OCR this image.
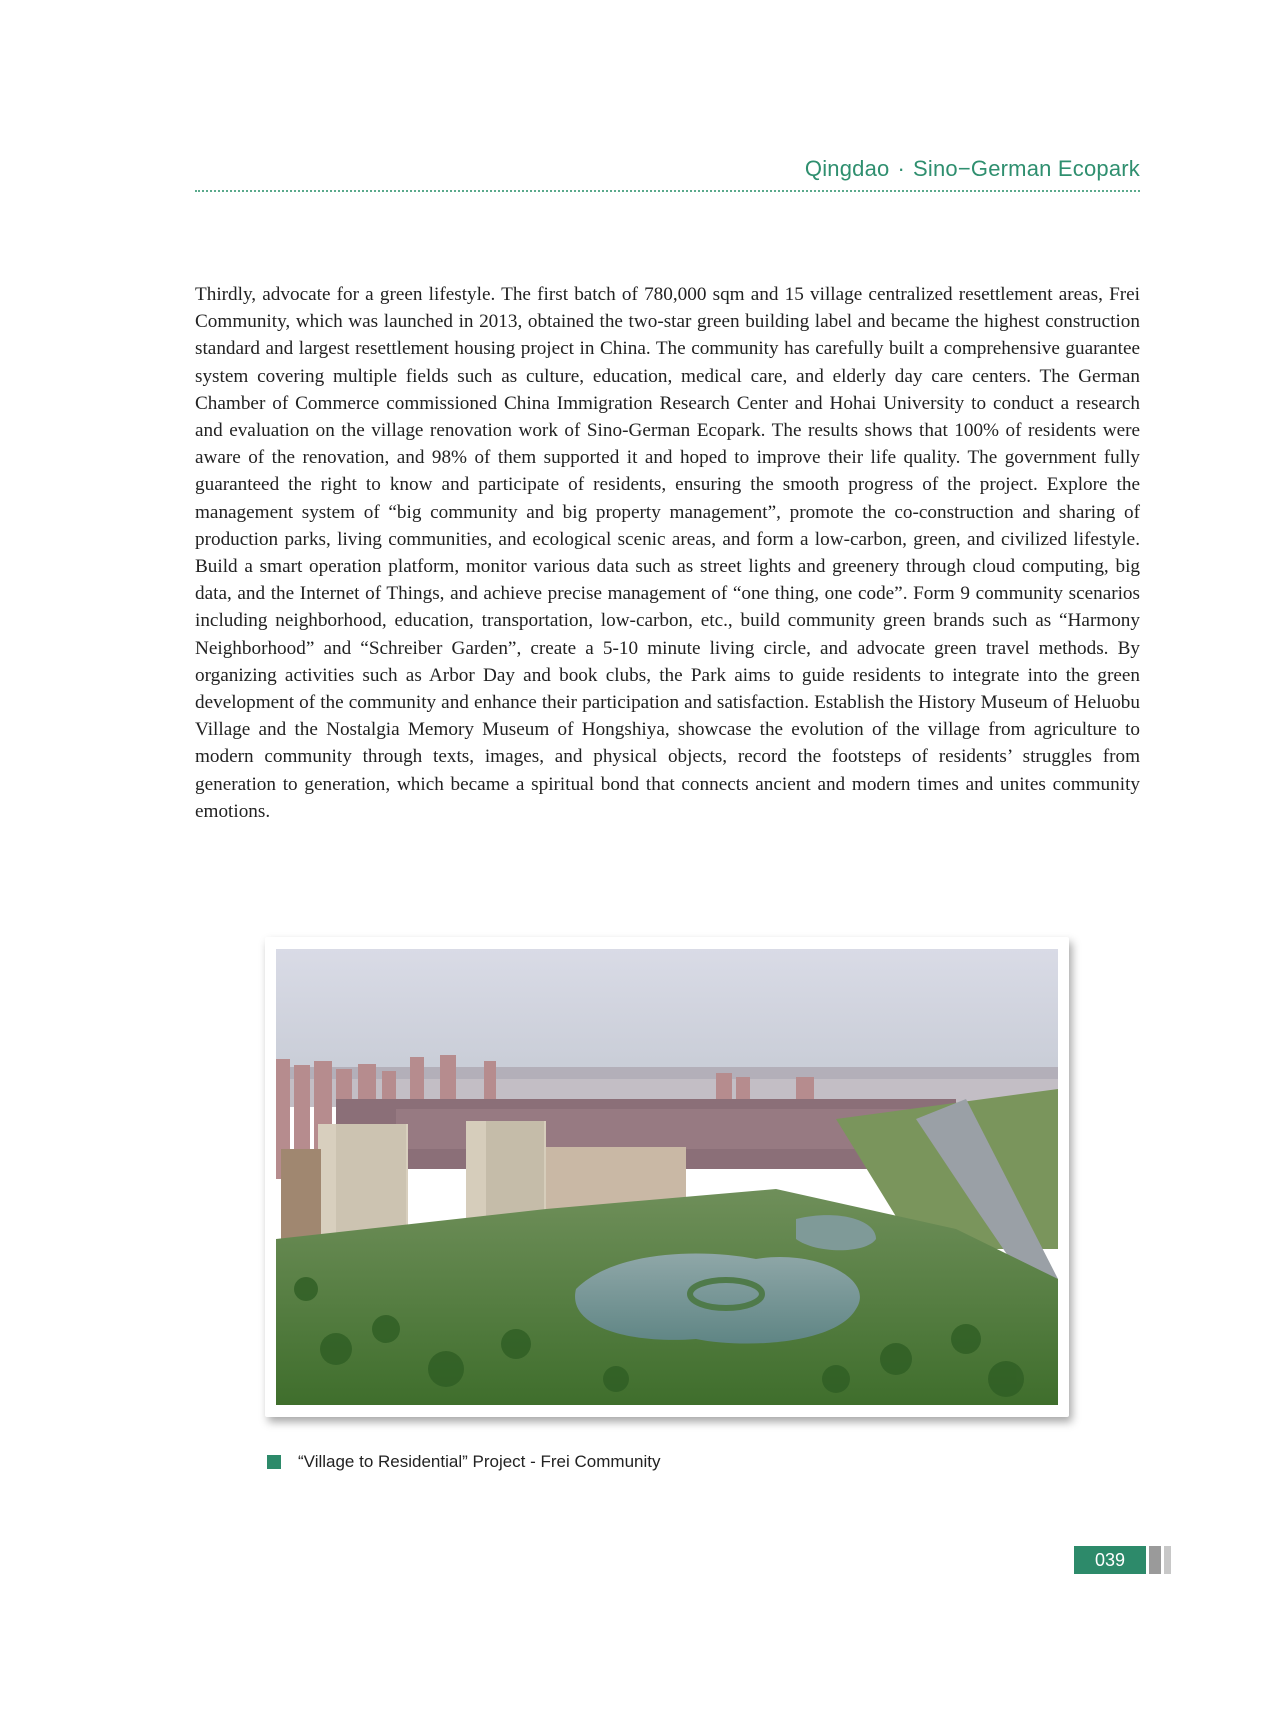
Qingdao · Sino−German Ecopark

Thirdly, advocate for a green lifestyle. The first batch of 780,000 sqm and 15 village centralized resettlement areas, Frei Community, which was launched in 2013, obtained the two-star green building label and became the highest construction standard and largest resettlement housing project in China. The community has carefully built a comprehensive guarantee system covering multiple fields such as culture, education, medical care, and elderly day care centers. The German Chamber of Commerce commissioned China Immigration Research Center and Hohai University to conduct a research and evaluation on the village renovation work of Sino-German Ecopark. The results shows that 100% of residents were aware of the renovation, and 98% of them supported it and hoped to improve their life quality. The government fully guaranteed the right to know and participate of residents, ensuring the smooth progress of the project. Explore the management system of “big community and big property management”, promote the co-construction and sharing of production parks, living communities, and ecological scenic areas, and form a low-carbon, green, and civilized lifestyle. Build a smart operation platform, monitor various data such as street lights and greenery through cloud computing, big data, and the Internet of Things, and achieve precise management of “one thing, one code”. Form 9 community scenarios including neighborhood, education, transportation, low-carbon, etc., build community green brands such as “Harmony Neighborhood” and “Schreiber Garden”, create a 5-10 minute living circle, and advocate green travel methods. By organizing activities such as Arbor Day and book clubs, the Park aims to guide residents to integrate into the green development of the community and enhance their participation and satisfaction. Establish the History Museum of Heluobu Village and the Nostalgia Memory Museum of Hongshiya, showcase the evolution of the village from agriculture to modern community through texts, images, and physical objects, record the footsteps of residents’ struggles from generation to generation, which became a spiritual bond that connects ancient and modern times and unites community emotions.

“Village to Residential” Project - Frei Community
039
